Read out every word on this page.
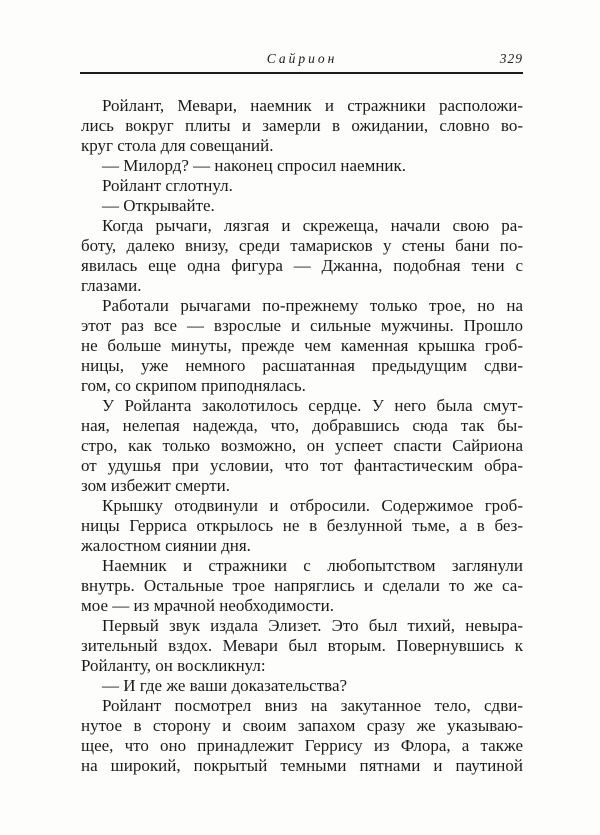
Сайрион	329
Ройлант, Мевари, наемник и стражники расположи-
лись вокруг плиты и замерли в ожидании, словно во-
круг стола для совещаний.
— Милорд? — наконец спросил наемник.
Ройлант сглотнул.
— Открывайте.
Когда рычаги, лязгая и скрежеща, начали свою ра-
боту, далеко внизу, среди тамарисков у стены бани по-
явилась еще одна фигура — Джанна, подобная тени с
глазами.
Работали рычагами по-прежнему только трое, но на
этот раз все — взрослые и сильные мужчины. Прошло
не больше минуты, прежде чем каменная крышка гроб-
ницы, уже немного расшатанная предыдущим сдви-
гом, со скрипом приподнялась.
У Ройланта заколотилось сердце. У него была смут-
ная, нелепая надежда, что, добравшись сюда так бы-
стро, как только возможно, он успеет спасти Сайриона
от удушья при условии, что тот фантастическим обра-
зом избежит смерти.
Крышку отодвинули и отбросили. Содержимое гроб-
ницы Герриса открылось не в безлунной тьме, а в без-
жалостном сиянии дня.
Наемник и стражники с любопытством заглянули
внутрь. Остальные трое напряглись и сделали то же са-
мое — из мрачной необходимости.
Первый звук издала Элизет. Это был тихий, невыра-
зительный вздох. Мевари был вторым. Повернувшись к
Ройланту, он воскликнул:
— И где же ваши доказательства?
Ройлант посмотрел вниз на закутанное тело, сдви-
нутое в сторону и своим запахом сразу же указываю-
щее, что оно принадлежит Геррису из Флора, а также
на широкий, покрытый темными пятнами и паутиной
